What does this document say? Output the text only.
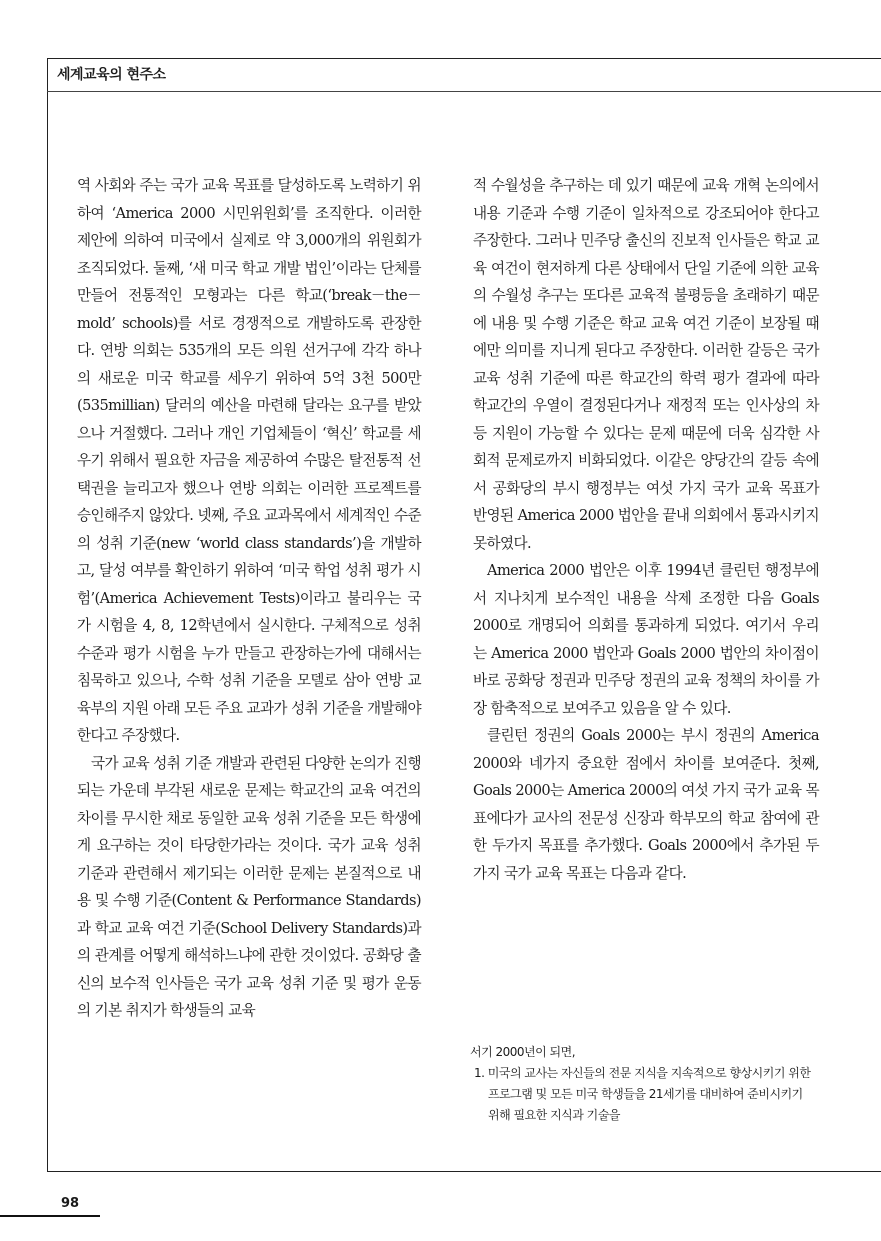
세계교육의 현주소

역 사회와 주는 국가 교육 목표를 달성하도록 노력하기 위하여 ‘America 2000 시민위원회’를 조직한다. 이러한 제안에 의하여 미국에서 실제로 약 3,000개의 위원회가 조직되었다. 둘째, ‘새 미국 학교 개발 법인’이라는 단체를 만들어 전통적인 모형과는 다른 학교(‘break－the－mold’ schools)를 서로 경쟁적으로 개발하도록 관장한다. 연방 의회는 535개의 모든 의원 선거구에 각각 하나의 새로운 미국 학교를 세우기 위하여 5억 3천 500만(535millian) 달러의 예산을 마련해 달라는 요구를 받았으나 거절했다. 그러나 개인 기업체들이 ‘혁신’ 학교를 세우기 위해서 필요한 자금을 제공하여 수많은 탈전통적 선택권을 늘리고자 했으나 연방 의회는 이러한 프로젝트를 승인해주지 않았다. 넷째, 주요 교과목에서 세계적인 수준의 성취 기준(new ‘world class standards’)을 개발하고, 달성 여부를 확인하기 위하여 ‘미국 학업 성취 평가 시험’(America Achievement Tests)이라고 불리우는 국가 시험을 4, 8, 12학년에서 실시한다. 구체적으로 성취 수준과 평가 시험을 누가 만들고 관장하는가에 대해서는 침묵하고 있으나, 수학 성취 기준을 모델로 삼아 연방 교육부의 지원 아래 모든 주요 교과가 성취 기준을 개발해야 한다고 주장했다.

국가 교육 성취 기준 개발과 관련된 다양한 논의가 진행되는 가운데 부각된 새로운 문제는 학교간의 교육 여건의 차이를 무시한 채로 동일한 교육 성취 기준을 모든 학생에게 요구하는 것이 타당한가라는 것이다. 국가 교육 성취 기준과 관련해서 제기되는 이러한 문제는 본질적으로 내용 및 수행 기준(Content & Performance Standards)과 학교 교육 여건 기준(School Delivery Standards)과의 관계를 어떻게 해석하느냐에 관한 것이었다. 공화당 출신의 보수적 인사들은 국가 교육 성취 기준 및 평가 운동의 기본 취지가 학생들의 교육

적 수월성을 추구하는 데 있기 때문에 교육 개혁 논의에서 내용 기준과 수행 기준이 일차적으로 강조되어야 한다고 주장한다. 그러나 민주당 출신의 진보적 인사들은 학교 교육 여건이 현저하게 다른 상태에서 단일 기준에 의한 교육의 수월성 추구는 또다른 교육적 불평등을 초래하기 때문에 내용 및 수행 기준은 학교 교육 여건 기준이 보장될 때에만 의미를 지니게 된다고 주장한다. 이러한 갈등은 국가 교육 성취 기준에 따른 학교간의 학력 평가 결과에 따라 학교간의 우열이 결정된다거나 재정적 또는 인사상의 차등 지원이 가능할 수 있다는 문제 때문에 더욱 심각한 사회적 문제로까지 비화되었다. 이같은 양당간의 갈등 속에서 공화당의 부시 행정부는 여섯 가지 국가 교육 목표가 반영된 America 2000 법안을 끝내 의회에서 통과시키지 못하였다.

America 2000 법안은 이후 1994년 클린턴 행정부에서 지나치게 보수적인 내용을 삭제 조정한 다음 Goals 2000로 개명되어 의회를 통과하게 되었다. 여기서 우리는 America 2000 법안과 Goals 2000 법안의 차이점이 바로 공화당 정권과 민주당 정권의 교육 정책의 차이를 가장 함축적으로 보여주고 있음을 알 수 있다.

클린턴 정권의 Goals 2000는 부시 정권의 America 2000와 네가지 중요한 점에서 차이를 보여준다. 첫째, Goals 2000는 America 2000의 여섯 가지 국가 교육 목표에다가 교사의 전문성 신장과 학부모의 학교 참여에 관한 두가지 목표를 추가했다. Goals 2000에서 추가된 두가지 국가 교육 목표는 다음과 같다.

서기 2000년이 되면,

1. 미국의 교사는 자신들의 전문 지식을 지속적으로 향상시키기 위한 프로그램 및 모든 미국 학생들을 21세기를 대비하여 준비시키기 위해 필요한 지식과 기술을

98
